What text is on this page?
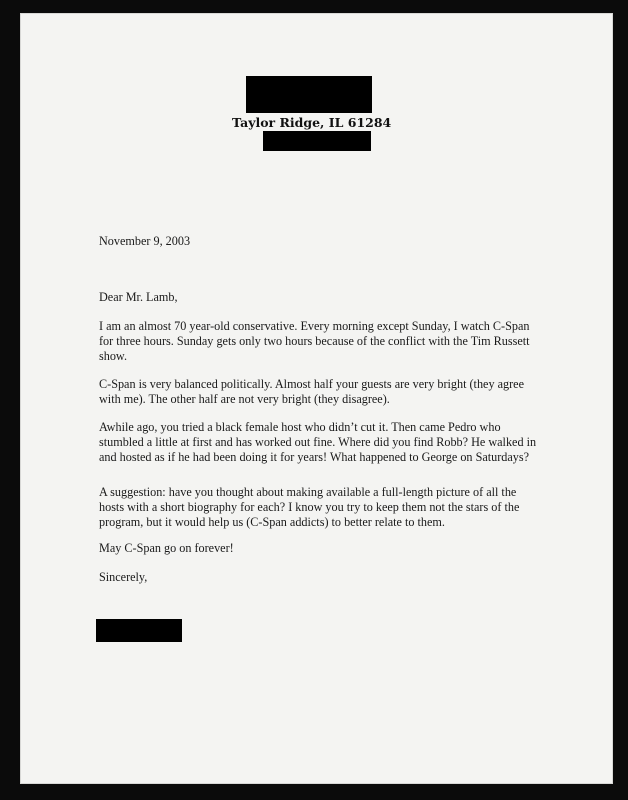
Taylor Ridge, IL 61284
November 9, 2003
Dear Mr. Lamb,
I am an almost 70 year-old conservative. Every morning except Sunday, I watch C-Span for three hours. Sunday gets only two hours because of the conflict with the Tim Russett show.
C-Span is very balanced politically. Almost half your guests are very bright (they agree with me). The other half are not very bright (they disagree).
Awhile ago, you tried a black female host who didn’t cut it. Then came Pedro who stumbled a little at first and has worked out fine. Where did you find Robb? He walked in and hosted as if he had been doing it for years! What happened to George on Saturdays?
A suggestion: have you thought about making available a full-length picture of all the hosts with a short biography for each? I know you try to keep them not the stars of the program, but it would help us (C-Span addicts) to better relate to them.
May C-Span go on forever!
Sincerely,
